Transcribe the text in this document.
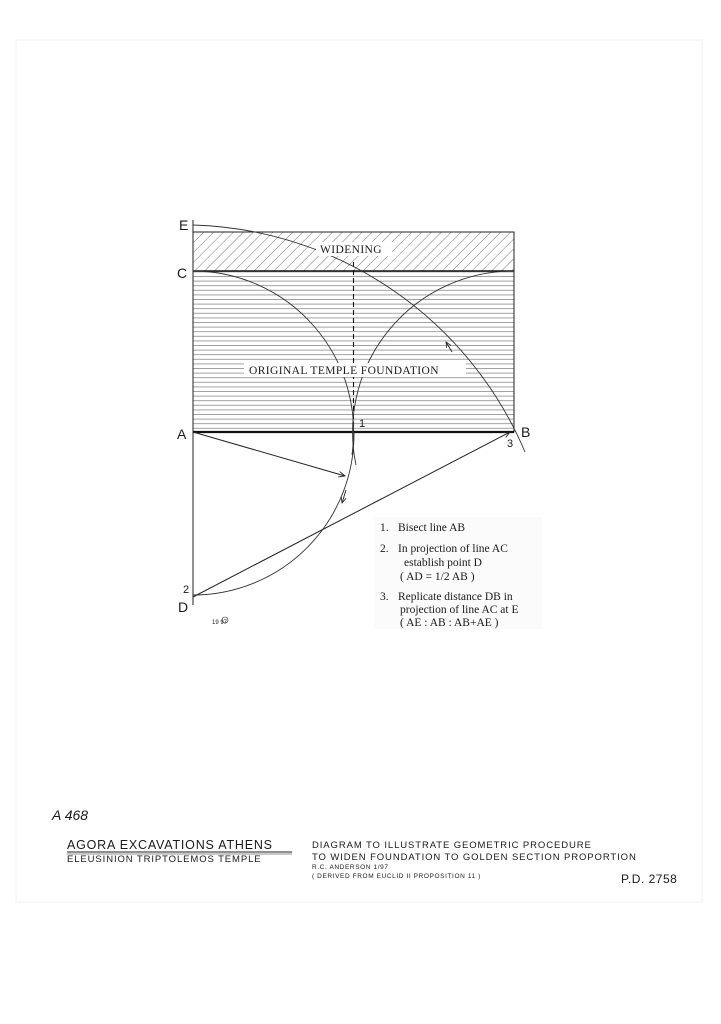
E
C
A	B
D
1
2
3
WIDENING
ORIGINAL TEMPLE FOUNDATION
1. Bisect line AB
2. In projection of line AC
establish point D
( AD = 1/2 AB )
3. Replicate distance DB in
projection of line AC at E
( AE : AB : AB+AE )
19 97
A 468
AGORA EXCAVATIONS ATHENS
ELEUSINION TRIPTOLEMOS TEMPLE
DIAGRAM TO ILLUSTRATE GEOMETRIC PROCEDURE
TO WIDEN FOUNDATION TO GOLDEN SECTION PROPORTION
R.C. ANDERSON 1/97
( DERIVED FROM EUCLID II PROPOSITION 11 )	P.D. 2758
